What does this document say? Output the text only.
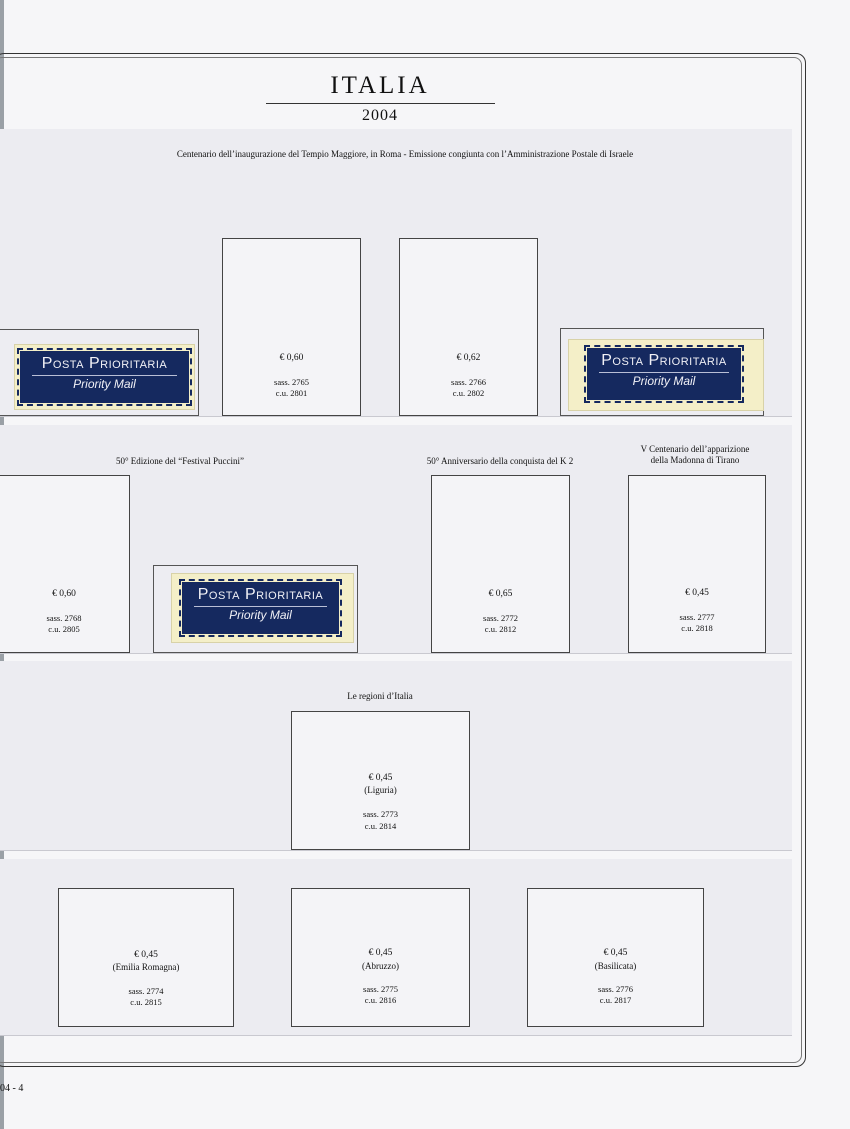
ITALIA
2004
Centenario dell’inaugurazione del Tempio Maggiore, in Roma - Emissione congiunta con l’Amministrazione Postale di Israele
Posta Prioritaria
Priority Mail
€ 0,60
sass. 2765
c.u. 2801
€ 0,62
sass. 2766
c.u. 2802
Posta Prioritaria
Priority Mail
50° Edizione del “Festival Puccini”	50° Anniversario della conquista del K 2
V Centenario dell’apparizione
della Madonna di Tirano
€ 0,60
sass. 2768
c.u. 2805
Posta Prioritaria
Priority Mail
€ 0,65
sass. 2772
c.u. 2812
€ 0,45
sass. 2777
c.u. 2818
Le regioni d’Italia
€ 0,45
(Liguria)
sass. 2773
c.u. 2814
€ 0,45
(Emilia Romagna)
sass. 2774
c.u. 2815
€ 0,45
(Abruzzo)
sass. 2775
c.u. 2816
€ 0,45
(Basilicata)
sass. 2776
c.u. 2817
04 - 4
